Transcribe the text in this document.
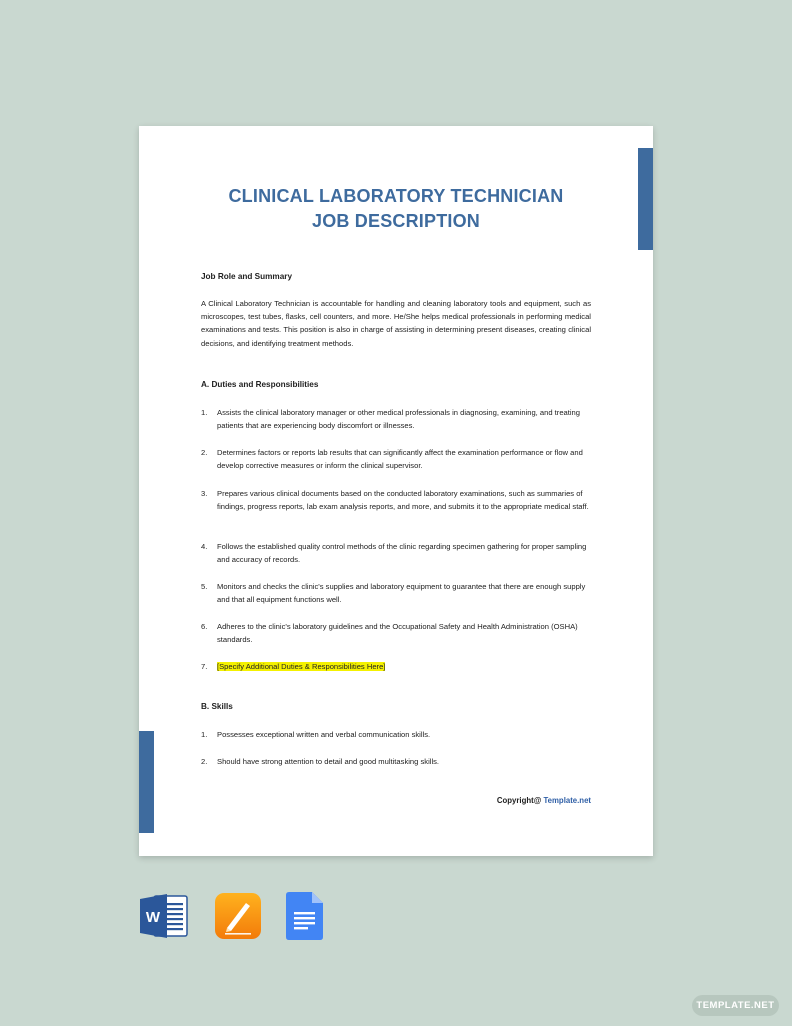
CLINICAL LABORATORY TECHNICIAN
JOB DESCRIPTION
Job Role and Summary
A Clinical Laboratory Technician is accountable for handling and cleaning laboratory tools and equipment, such as microscopes, test tubes, flasks, cell counters, and more. He/She helps medical professionals in performing medical examinations and tests. This position is also in charge of assisting in determining present diseases, creating clinical decisions, and identifying treatment methods.
A. Duties and Responsibilities
1. Assists the clinical laboratory manager or other medical professionals in diagnosing, examining, and treating patients that are experiencing body discomfort or illnesses.
2. Determines factors or reports lab results that can significantly affect the examination performance or flow and develop corrective measures or inform the clinical supervisor.
3. Prepares various clinical documents based on the conducted laboratory examinations, such as summaries of findings, progress reports, lab exam analysis reports, and more, and submits it to the appropriate medical staff.
4. Follows the established quality control methods of the clinic regarding specimen gathering for proper sampling and accuracy of records.
5. Monitors and checks the clinic's supplies and laboratory equipment to guarantee that there are enough supply and that all equipment functions well.
6. Adheres to the clinic's laboratory guidelines and the Occupational Safety and Health Administration (OSHA) standards.
7. [Specify Additional Duties & Responsibilities Here]
B. Skills
1. Possesses exceptional written and verbal communication skills.
2. Should have strong attention to detail and good multitasking skills.
Copyright@ Template.net
W
TEMPLATE.NET
